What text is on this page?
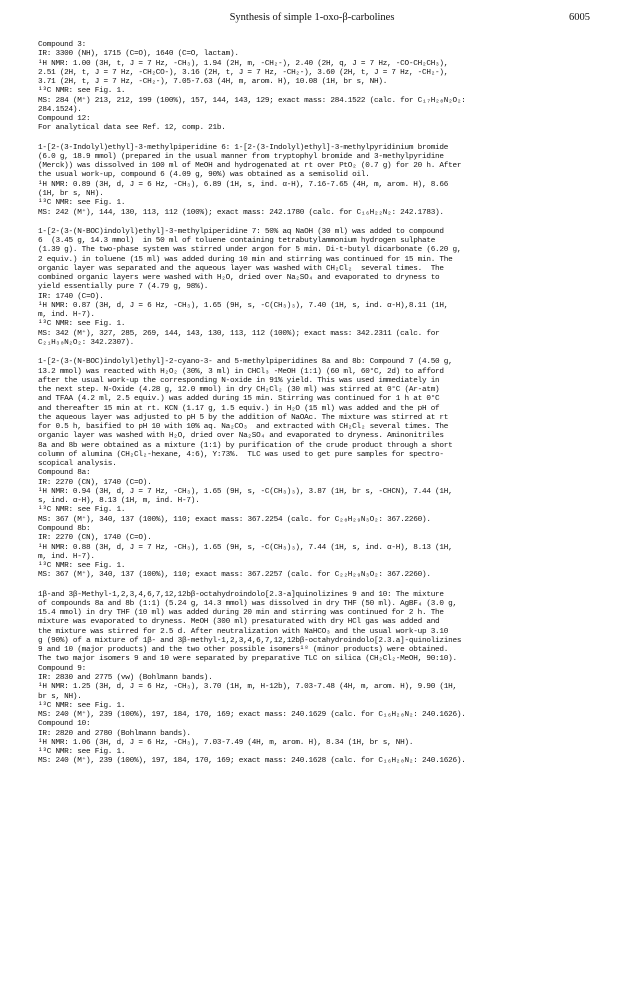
Synthesis of simple 1-oxo-β-carbolines	6005
Compound 3:
IR: 3300 (NH), 1715 (C=O), 1640 (C=O, lactam).
¹H NMR: 1.00 (3H, t, J = 7 Hz, -CH₃), 1.94 (2H, m, -CH₂-), 2.40 (2H, q, J = 7 Hz, -CO-CH₂CH₃),
2.51 (2H, t, J = 7 Hz, -CH₂CO-), 3.16 (2H, t, J = 7 Hz, -CH₂-), 3.60 (2H, t, J = 7 Hz, -CH₂-),
3.71 (2H, t, J = 7 Hz, -CH₂-), 7.05-7.63 (4H, m, arom. H), 10.08 (1H, br s, NH).
¹³C NMR: see Fig. 1.
MS: 284 (M⁺) 213, 212, 199 (100%), 157, 144, 143, 129; exact mass: 284.1522 (calc. for C₁₇H₂₀N₂O₂:
284.1524).
Compound 12:
For analytical data see Ref. 12, comp. 21b.
1-[2-(3-Indolyl)ethyl]-3-methylpiperidine 6: 1-[2-(3-Indolyl)ethyl]-3-methylpyridinium bromide
(6.0 g, 18.9 mmol) (prepared in the usual manner from tryptophyl bromide and 3-methylpyridine
(Merck)) was dissolved in 100 ml of MeOH and hydrogenated at rt over PtO₂ (0.7 g) for 20 h. After
the usual work-up, compound 6 (4.09 g, 90%) was obtained as a semisolid oil.
¹H NMR: 0.89 (3H, d, J = 6 Hz, -CH₃), 6.89 (1H, s, ind. α-H), 7.16-7.65 (4H, m, arom. H), 8.66
(1H, br s, NH).
¹³C NMR: see Fig. 1.
MS: 242 (M⁺), 144, 130, 113, 112 (100%); exact mass: 242.1780 (calc. for C₁₆H₂₂N₂: 242.1783).
1-[2-(3-(N-BOC)indolyl)ethyl]-3-methylpiperidine 7: 50% aq NaOH (30 ml) was added to compound
6  (3.45 g, 14.3 mmol)  in 50 ml of toluene containing tetrabutylammonium hydrogen sulphate
(1.39 g). The two-phase system was stirred under argon for 5 min. Di-t-butyl dicarbonate (6.20 g,
2 equiv.) in toluene (15 ml) was added during 10 min and stirring was continued for 15 min. The
organic layer was separated and the aqueous layer was washed with CH₂Cl₂  several times.  The
combined organic layers were washed with H₂O, dried over Na₂SO₄ and evaporated to dryness to
yield essentially pure 7 (4.79 g, 98%).
IR: 1740 (C=O).
¹H NMR: 0.87 (3H, d, J = 6 Hz, -CH₃), 1.65 (9H, s, -C(CH₃)₃), 7.40 (1H, s, ind. α-H),8.11 (1H,
m, ind. H-7).
¹³C NMR: see Fig. 1.
MS: 342 (M⁺), 327, 285, 269, 144, 143, 130, 113, 112 (100%); exact mass: 342.2311 (calc. for
C₂₁H₃₀N₂O₂: 342.2307).
1-[2-(3-(N-BOC)indolyl)ethyl]-2-cyano-3- and 5-methylpiperidines 8a and 8b: Compound 7 (4.50 g,
13.2 mmol) was reacted with H₂O₂ (30%, 3 ml) in CHCl₃ -MeOH (1:1) (60 ml, 60°C, 2d) to afford
after the usual work-up the corresponding N-oxide in 91% yield. This was used immediately in
the next step. N-Oxide (4.28 g, 12.0 mmol) in dry CH₂Cl₂ (30 ml) was stirred at 0°C (Ar-atm)
and TFAA (4.2 ml, 2.5 equiv.) was added during 15 min. Stirring was continued for 1 h at 0°C
and thereafter 15 min at rt. KCN (1.17 g, 1.5 equiv.) in H₂O (15 ml) was added and the pH of
the aqueous layer was adjusted to pH 5 by the addition of NaOAc. The mixture was stirred at rt
for 0.5 h, basified to pH 10 with 10% aq. Na₂CO₃  and extracted with CH₂Cl₂ several times. The
organic layer was washed with H₂O, dried over Na₂SO₄ and evaporated to dryness. Aminonitriles
8a and 8b were obtained as a mixture (1:1) by purification of the crude product through a short
column of alumina (CH₂Cl₂-hexane, 4:6), Y:73%.  TLC was used to get pure samples for spectro-
scopical analysis.
Compound 8a:
IR: 2270 (CN), 1740 (C=O).
¹H NMR: 0.94 (3H, d, J = 7 Hz, -CH₃), 1.65 (9H, s, -C(CH₃)₃), 3.87 (1H, br s, -CHCN), 7.44 (1H,
s, ind. α-H), 8.13 (1H, m, ind. H-7).
¹³C NMR: see Fig. 1.
MS: 367 (M⁺), 340, 137 (100%), 110; exact mass: 367.2254 (calc. for C₂₀H₂₉N₃O₂: 367.2260).
Compound 8b:
IR: 2270 (CN), 1740 (C=O).
¹H NMR: 0.88 (3H, d, J = 7 Hz, -CH₃), 1.65 (9H, s, -C(CH₃)₃), 7.44 (1H, s, ind. α-H), 8.13 (1H,
m, ind. H-7).
¹³C NMR: see Fig. 1.
MS: 367 (M⁺), 340, 137 (100%), 110; exact mass: 367.2257 (calc. for C₂₂H₂₉N₃O₂: 367.2260).
1β-and 3β-Methyl-1,2,3,4,6,7,12,12bβ-octahydroindolo[2.3-a]quinolizines 9 and 10: The mixture
of compounds 8a and 8b (1:1) (5.24 g, 14.3 mmol) was dissolved in dry THF (50 ml). AgBF₄ (3.0 g,
15.4 mmol) in dry THF (10 ml) was added during 20 min and stirring was continued for 2 h. The
mixture was evaporated to dryness. MeOH (300 ml) presaturated with dry HCl gas was added and
the mixture was stirred for 2.5 d. After neutralization with NaHCO₃ and the usual work-up 3.10
g (90%) of a mixture of 1β- and 3β-methyl-1,2,3,4,6,7,12,12bβ-octahydroindolo[2.3.a]-quinolizines
9 and 10 (major products) and the two other possible isomers¹⁸ (minor products) were obtained.
The two major isomers 9 and 10 were separated by preparative TLC on silica (CH₂Cl₂-MeOH, 90:10).
Compound 9:
IR: 2830 and 2775 (vw) (Bohlmann bands).
¹H NMR: 1.25 (3H, d, J = 6 Hz, -CH₃), 3.70 (1H, m, H-12b), 7.03-7.48 (4H, m, arom. H), 9.90 (1H,
br s, NH).
¹³C NMR: see Fig. 1.
MS: 240 (M⁺), 239 (100%), 197, 184, 170, 169; exact mass: 240.1629 (calc. for C₁₆H₂₀N₂: 240.1626).
Compound 10:
IR: 2820 and 2780 (Bohlmann bands).
¹H NMR: 1.06 (3H, d, J = 6 Hz, -CH₃), 7.03-7.49 (4H, m, arom. H), 8.34 (1H, br s, NH).
¹³C NMR: see Fig. 1.
MS: 240 (M⁺), 239 (100%), 197, 184, 170, 169; exact mass: 240.1628 (calc. for C₁₆H₂₀N₂: 240.1626).
